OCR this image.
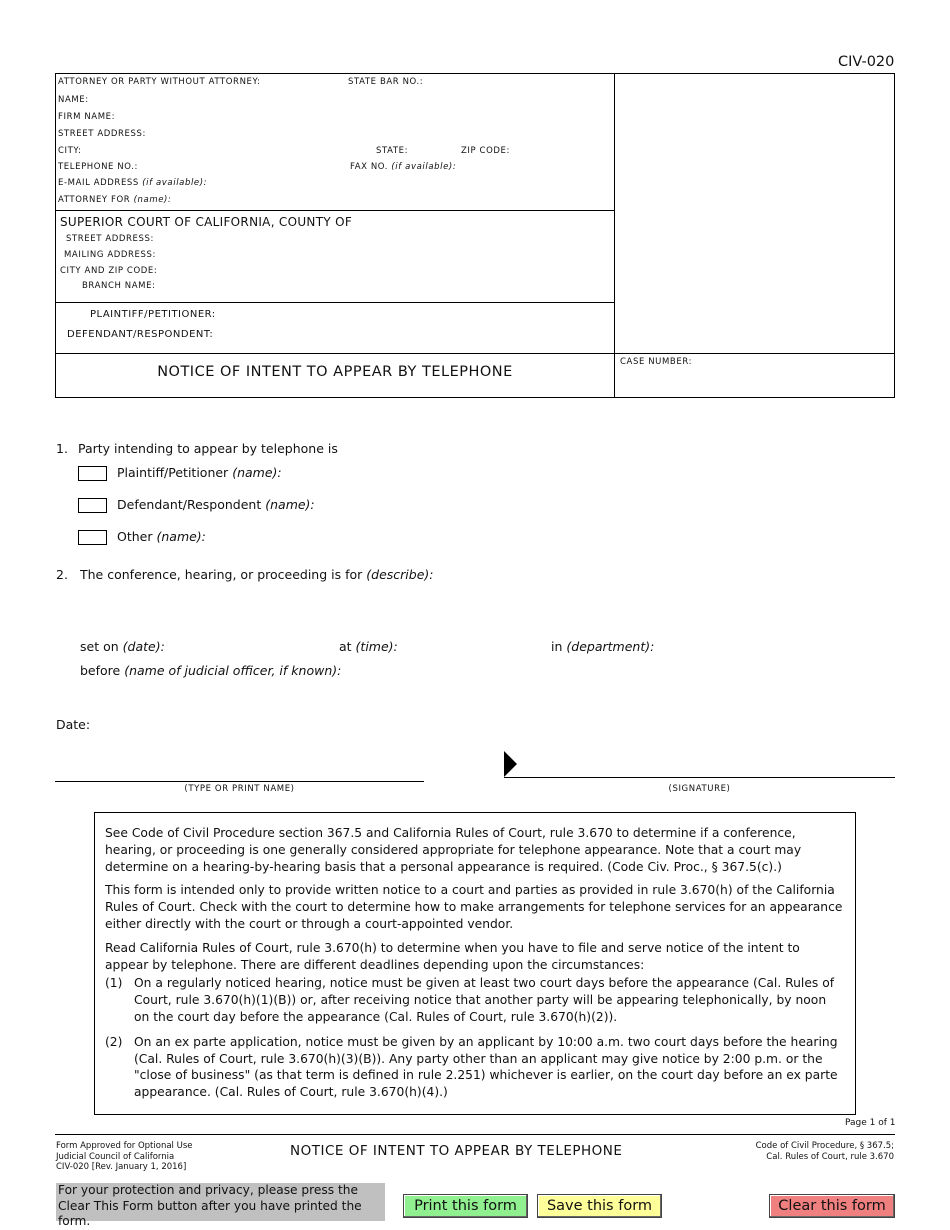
CIV-020
ATTORNEY OR PARTY WITHOUT ATTORNEY:	STATE BAR NO.:
NAME:
FIRM NAME:
STREET ADDRESS:
CITY:	STATE:	ZIP CODE:
TELEPHONE NO.:	FAX NO. (if available):
E-MAIL ADDRESS (if available):
ATTORNEY FOR (name):
SUPERIOR COURT OF CALIFORNIA, COUNTY OF
STREET ADDRESS:
MAILING ADDRESS:
CITY AND ZIP CODE:
BRANCH NAME:
PLAINTIFF/PETITIONER:
DEFENDANT/RESPONDENT:
NOTICE OF INTENT TO APPEAR BY TELEPHONE
CASE NUMBER:
1. Party intending to appear by telephone is
Plaintiff/Petitioner (name):
Defendant/Respondent (name):
Other (name):
2. The conference, hearing, or proceeding is for (describe):
set on (date):	at (time):	in (department):
before (name of judicial officer, if known):
Date:
(TYPE OR PRINT NAME)	(SIGNATURE)

See Code of Civil Procedure section 367.5 and California Rules of Court, rule 3.670 to determine if a conference, hearing, or proceeding is one generally considered appropriate for telephone appearance. Note that a court may determine on a hearing-by-hearing basis that a personal appearance is required. (Code Civ. Proc., § 367.5(c).)

This form is intended only to provide written notice to a court and parties as provided in rule 3.670(h) of the California Rules of Court. Check with the court to determine how to make arrangements for telephone services for an appearance either directly with the court or through a court-appointed vendor.

Read California Rules of Court, rule 3.670(h) to determine when you have to file and serve notice of the intent to appear by telephone. There are different deadlines depending upon the circumstances:

(1) On a regularly noticed hearing, notice must be given at least two court days before the appearance (Cal. Rules of Court, rule 3.670(h)(1)(B)) or, after receiving notice that another party will be appearing telephonically, by noon on the court day before the appearance (Cal. Rules of Court, rule 3.670(h)(2)).
(2) On an ex parte application, notice must be given by an applicant by 10:00 a.m. two court days before the hearing (Cal. Rules of Court, rule 3.670(h)(3)(B)). Any party other than an applicant may give notice by 2:00 p.m. or the "close of business" (as that term is defined in rule 2.251) whichever is earlier, on the court day before an ex parte appearance. (Cal. Rules of Court, rule 3.670(h)(4).)
Page 1 of 1
Form Approved for Optional Use
Judicial Council of California
CIV-020 [Rev. January 1, 2016]
NOTICE OF INTENT TO APPEAR BY TELEPHONE	Code of Civil Procedure, § 367.5;
Cal. Rules of Court, rule 3.670
For your protection and privacy, please press the Clear This Form button after you have printed the form.
Print this form	Save this form	Clear this form
